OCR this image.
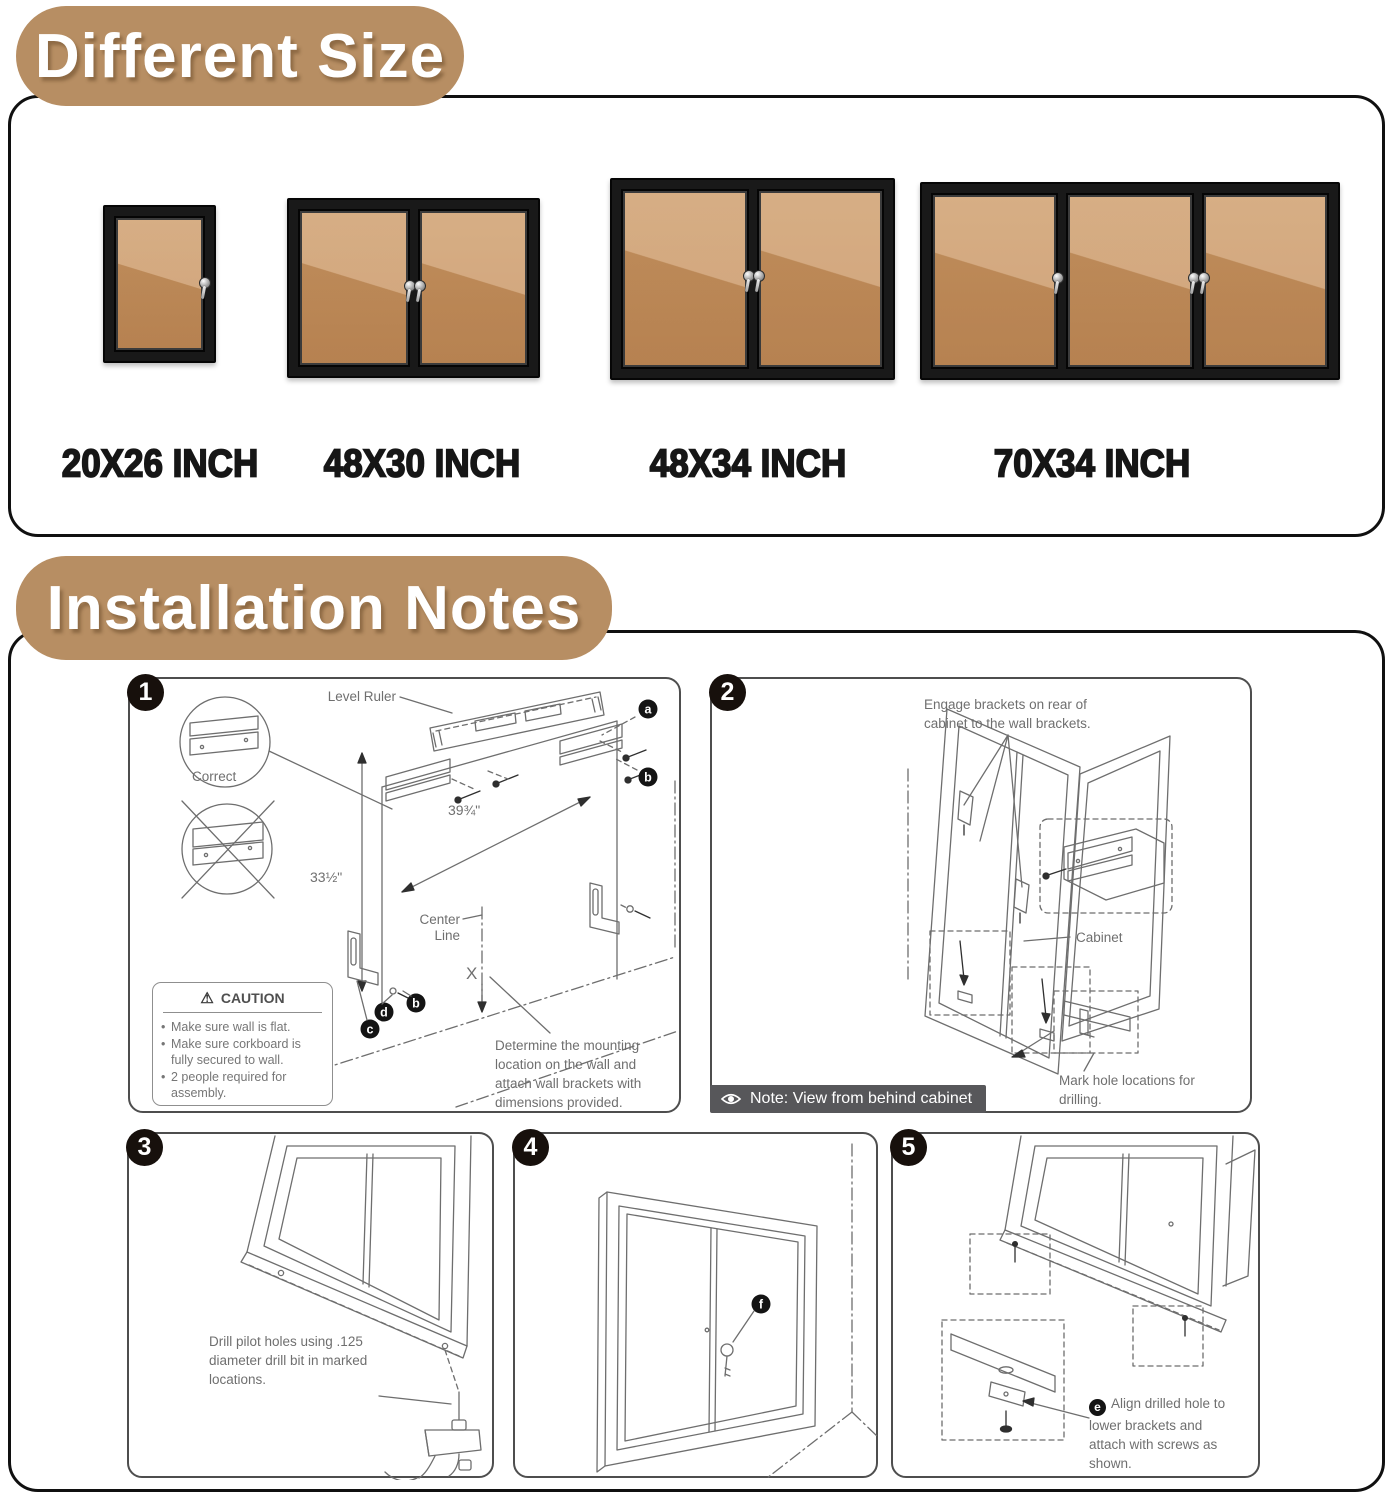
Different Size
20X26 INCH	48X30 INCH	48X34 INCH	70X34 INCH
Installation Notes
1
Correct
Level Ruler
a
b
39¾"
33½"
Center
Line
X
d
b
c
⚠ CAUTION
• Make sure wall is flat.
• Make sure corkboard is fully secured to wall.
• 2 people required for assembly.
Determine the mounting location on the wall and attach wall brackets with dimensions provided.
2
Cabinet
Engage brackets on rear of cabinet to the wall brackets.
Mark hole locations for drilling.
Note: View from behind cabinet
3
Drill pilot holes using .125 diameter drill bit in marked locations.
4
f
5
e Align drilled hole to lower brackets and attach with screws as shown.
